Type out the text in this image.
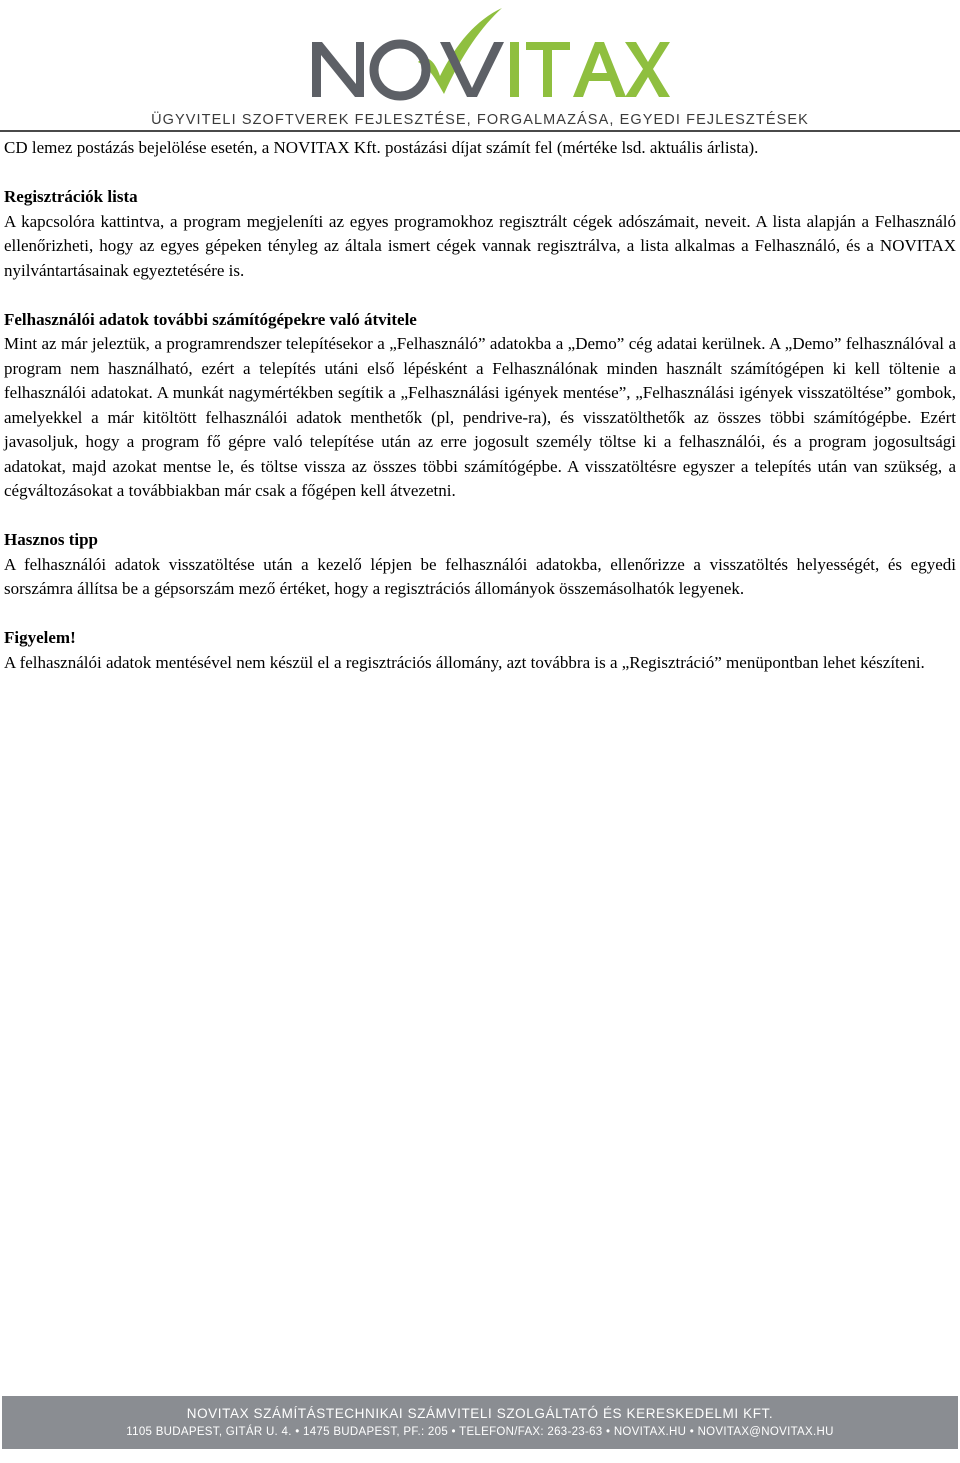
ÜGYVITELI SZOFTVEREK FEJLESZTÉSE, FORGALMAZÁSA, EGYEDI FEJLESZTÉSEK

CD lemez postázás bejelölése esetén, a NOVITAX Kft. postázási díjat számít fel (mértéke lsd. aktuális árlista).

Regisztrációk lista

A kapcsolóra kattintva, a program megjeleníti az egyes programokhoz regisztrált cégek adószámait, neveit. A lista alapján a Felhasználó ellenőrizheti, hogy az egyes gépeken tényleg az általa ismert cégek vannak regisztrálva, a lista alkalmas a Felhasználó, és a NOVITAX nyilvántartásainak egyeztetésére is.

Felhasználói adatok további számítógépekre való átvitele

Mint az már jeleztük, a programrendszer telepítésekor a „Felhasználó” adatokba a „Demo” cég adatai kerülnek. A „Demo” felhasználóval a program nem használható, ezért a telepítés utáni első lépésként a Felhasználónak minden használt számítógépen ki kell töltenie a felhasználói adatokat. A munkát nagymértékben segítik a „Felhasználási igények mentése”, „Felhasználási igények visszatöltése” gombok, amelyekkel a már kitöltött felhasználói adatok menthetők (pl, pendrive-ra), és visszatölthetők az összes többi számítógépbe. Ezért javasoljuk, hogy a program fő gépre való telepítése után az erre jogosult személy töltse ki a felhasználói, és a program jogosultsági adatokat, majd azokat mentse le, és töltse vissza az összes többi számítógépbe. A visszatöltésre egyszer a telepítés után van szükség, a cégváltozásokat a továbbiakban már csak a főgépen kell átvezetni.

Hasznos tipp

A felhasználói adatok visszatöltése után a kezelő lépjen be felhasználói adatokba, ellenőrizze a visszatöltés helyességét, és egyedi sorszámra állítsa be a gépsorszám mező értéket, hogy a regisztrációs állományok összemásolhatók legyenek.

Figyelem!

A felhasználói adatok mentésével nem készül el a regisztrációs állomány, azt továbbra is a „Regisztráció” menüpontban lehet készíteni.

NOVITAX SZÁMÍTÁSTECHNIKAI SZÁMVITELI SZOLGÁLTATÓ ÉS KERESKEDELMI KFT.
1105 BUDAPEST, GITÁR U. 4. • 1475 BUDAPEST, PF.: 205 • TELEFON/FAX: 263-23-63 • NOVITAX.HU • NOVITAX@NOVITAX.HU
